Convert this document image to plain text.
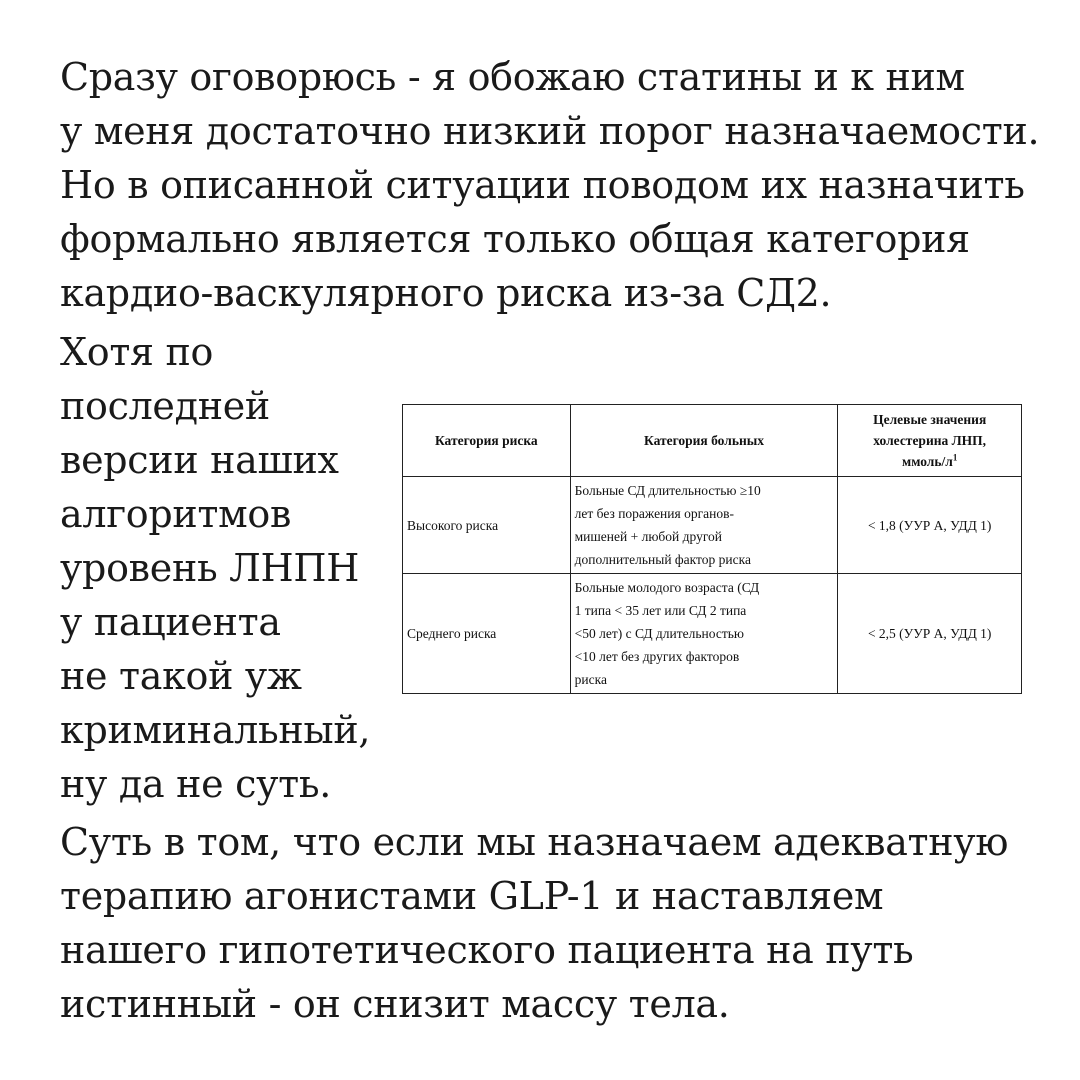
Сразу оговорюсь - я обожаю статины и к ним
у меня достаточно низкий порог назначаемости.
Но в описанной ситуации поводом их назначить
формально является только общая категория
кардио-васкулярного риска из-за СД2.

Хотя по
последней
версии наших
алгоритмов
уровень ЛНПН
у пациента
не такой уж
криминальный,
ну да не суть.

Категория риска	Категория больных	Целевые значения
холестерина ЛНП,
ммоль/$л^1$

Высокого риска	Больные СД длительностью ≥10
лет без поражения органов-
мишеней + любой другой
дополнительный фактор риска	< 1,8 (УУР А, УДД 1)
Среднего риска	Больные молодого возраста (СД
1 типа < 35 лет или СД 2 типа
<50 лет) с СД длительностью
<10 лет без других факторов
риска	< 2,5 (УУР А, УДД 1)

Суть в том, что если мы назначаем адекватную
терапию агонистами GLP-1 и наставляем
нашего гипотетического пациента на путь
истинный - он снизит массу тела.
